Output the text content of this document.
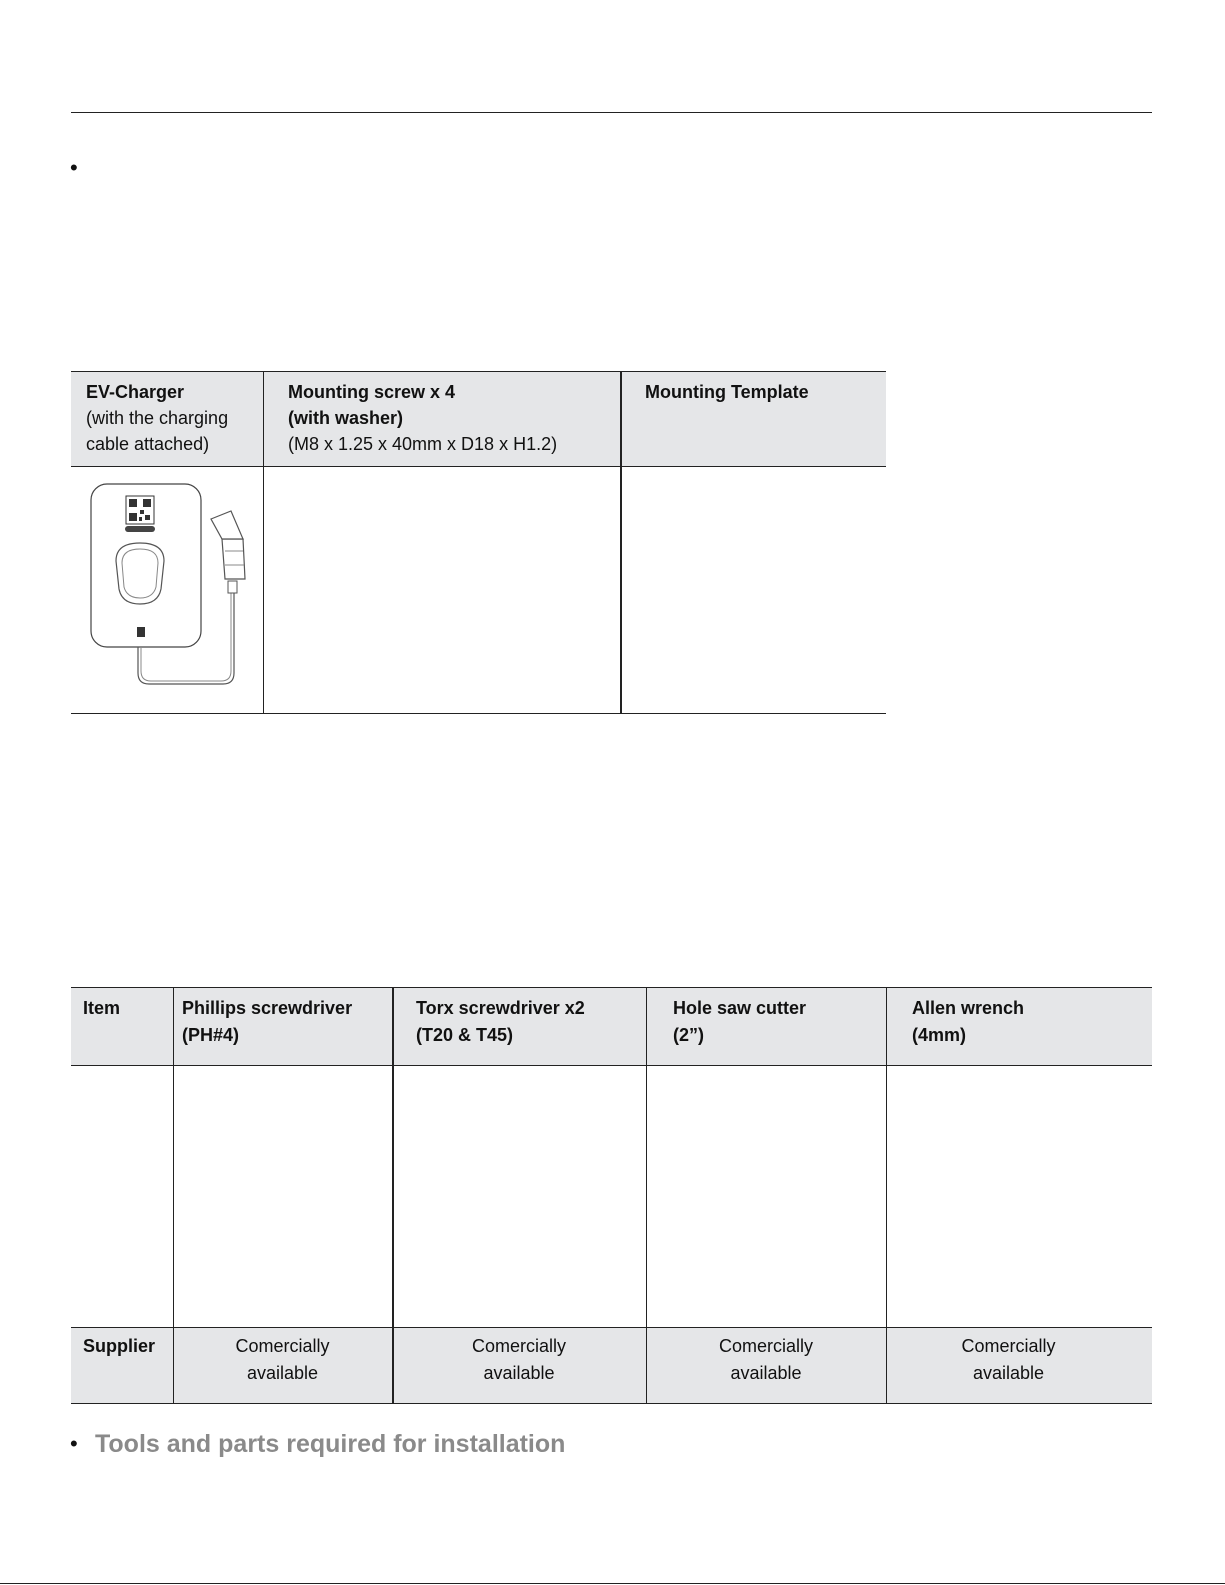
•
EV-Charger
(with the charging
cable attached)
Mounting screw x 4
(with washer)
(M8 x 1.25 x 40mm x D18 x H1.2)
Mounting Template
Item	Phillips screwdriver
(PH#4)
Torx screwdriver x2
(T20 & T45)
Hole saw cutter
(2”)
Allen wrench
(4mm)
Supplier	Comercially
available
Comercially
available
Comercially
available
Comercially
available
• Tools and parts required for installation
